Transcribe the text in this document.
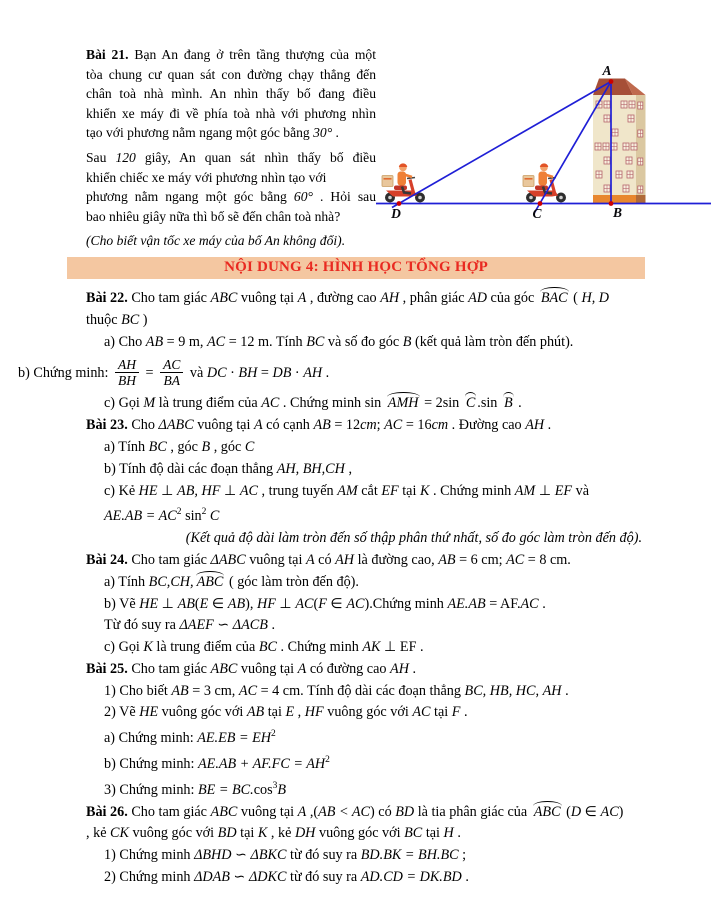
Bài 21. Bạn An đang ở trên tầng thượng của một
tòa chung cư quan sát con đường chạy thẳng đến
chân toà nhà mình. An nhìn thấy bố đang điều
khiển xe máy đi về phía toà nhà với phương nhìn
tạo với phương nằm ngang một góc bằng 30° .
Sau 120 giây, An quan sát nhìn thấy bố điều
khiển chiếc xe máy với phương nhìn tạo với
phương nằm ngang một góc bằng 60° . Hỏi sau
bao nhiêu giây nữa thì bố sẽ đến chân toà nhà?
(Cho biết vận tốc xe máy của bố An không đổi).
A
B
C
D
NỘI DUNG 4: HÌNH HỌC TỔNG HỢP
Bài 22. Cho tam giác ABC vuông tại A , đường cao AH , phân giác AD của góc BAC ( H, D
thuộc BC )
a) Cho AB = 9 m, AC = 12 m. Tính BC và số đo góc B (kết quả làm tròn đến phút).
b) Chứng minh: $\frac{AH}{BH} = \frac{AC}{BA}$ và DC · BH = DB · AH .
c) Gọi M là trung điểm của AC . Chứng minh sin AMH = 2sin C .sin B .
Bài 23. Cho ΔABC vuông tại A có cạnh AB = 12cm; AC = 16cm . Đường cao AH .
a) Tính BC , góc B , góc C
b) Tính độ dài các đoạn thẳng AH, BH,CH ,
c) Kẻ HE ⊥ AB, HF ⊥ AC , trung tuyến AM cắt EF tại K . Chứng minh AM ⊥ EF và
$AE.AB = AC^2$ $\sin^2 C$
(Kết quả độ dài làm tròn đến số thập phân thứ nhất, số đo góc làm tròn đến độ).
Bài 24. Cho tam giác ΔABC vuông tại A có AH là đường cao, AB = 6 cm; AC = 8 cm.
a) Tính BC,CH, ABC ( góc làm tròn đến độ).
b) Vẽ HE ⊥ AB(E ∈ AB), HF ⊥ AC(F ∈ AC).Chứng minh AE.AB = AF.AC .
Từ đó suy ra ΔAEF ∽ ΔACB .
c) Gọi K là trung điểm của BC . Chứng minh AK ⊥ EF .
Bài 25. Cho tam giác ABC vuông tại A có đường cao AH .
1) Cho biết AB = 3 cm, AC = 4 cm. Tính độ dài các đoạn thẳng BC, HB, HC, AH .
2) Vẽ HE vuông góc với AB tại E , HF vuông góc với AC tại F .
a) Chứng minh: $AE.EB = EH^2$
b) Chứng minh: $AE.AB + AF.FC = AH^2$
3) Chứng minh: BE = $BC.\cos^3B$
Bài 26. Cho tam giác ABC vuông tại A ,(AB < AC) có BD là tia phân giác của ABC (D ∈ AC)
, kẻ CK vuông góc với BD tại K , kẻ DH vuông góc với BC tại H .
1) Chứng minh ΔBHD ∽ ΔBKC từ đó suy ra BD.BK = BH.BC ;
2) Chứng minh ΔDAB ∽ ΔDKC từ đó suy ra AD.CD = DK.BD .
